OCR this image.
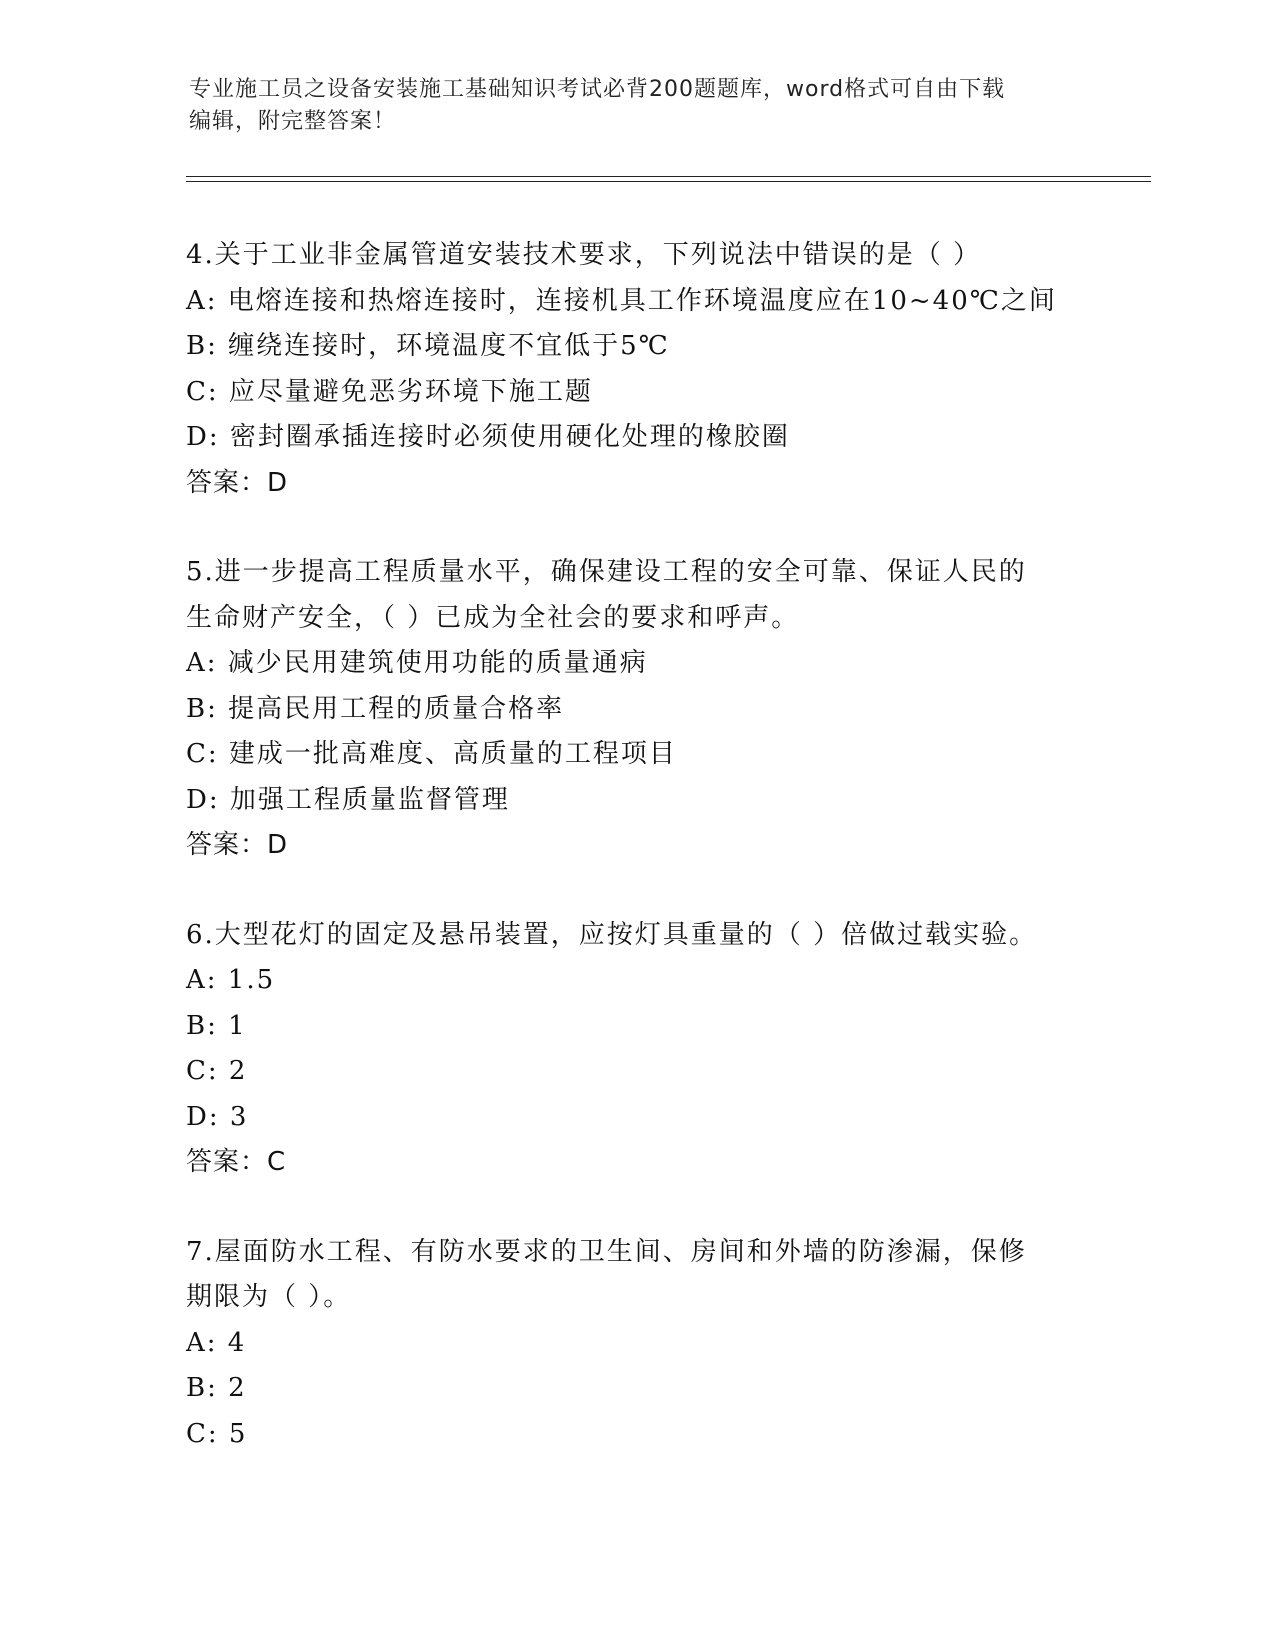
专业施工员之设备安装施工基础知识考试必背200题题库，word格式可自由下载
编辑，附完整答案！
4.关于工业非金属管道安装技术要求，下列说法中错误的是（ ）
A: 电熔连接和热熔连接时，连接机具工作环境温度应在10~40℃之间
B: 缠绕连接时，环境温度不宜低于5℃
C: 应尽量避免恶劣环境下施工题
D: 密封圈承插连接时必须使用硬化处理的橡胶圈
答案：D
5.进一步提高工程质量水平，确保建设工程的安全可靠、保证人民的
生命财产安全，（ ）已成为全社会的要求和呼声。
A: 减少民用建筑使用功能的质量通病
B: 提高民用工程的质量合格率
C: 建成一批高难度、高质量的工程项目
D: 加强工程质量监督管理
答案：D
6.大型花灯的固定及悬吊装置，应按灯具重量的（ ）倍做过载实验。
A: 1.5
B: 1
C: 2
D: 3
答案：C
7.屋面防水工程、有防水要求的卫生间、房间和外墙的防渗漏，保修
期限为（ ）。
A: 4
B: 2
C: 5
